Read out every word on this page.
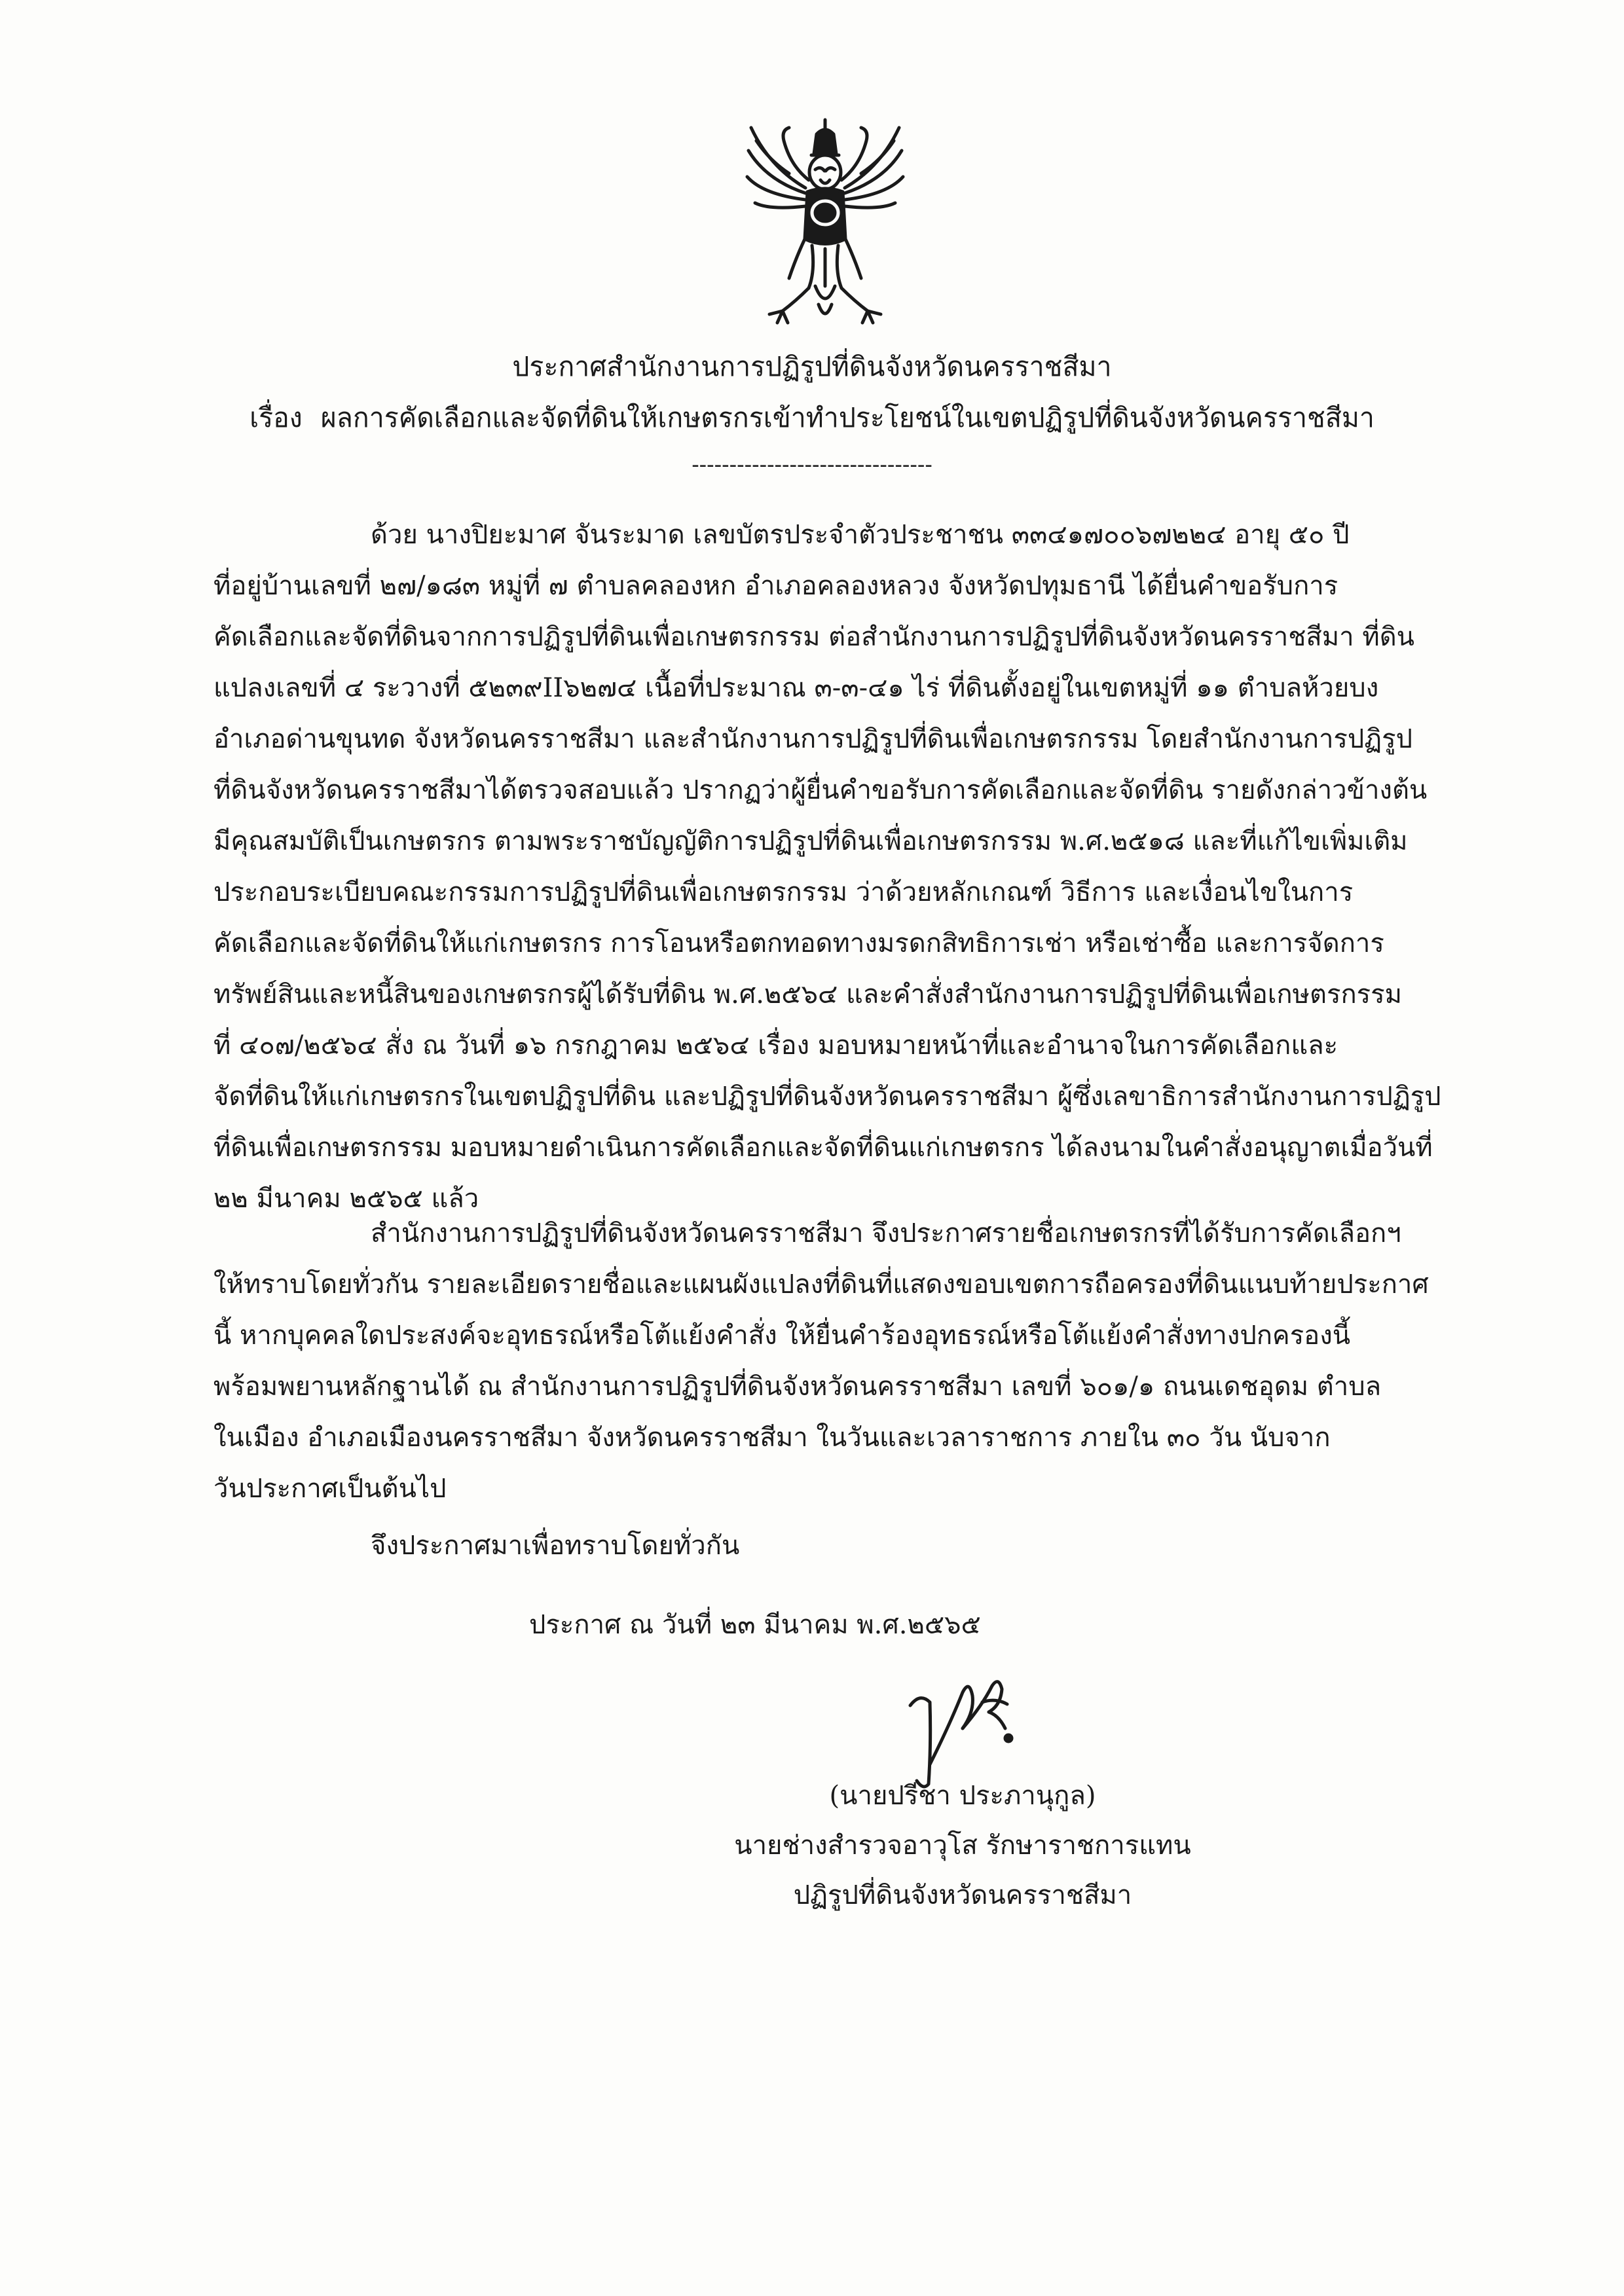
ประกาศสำนักงานการปฏิรูปที่ดินจังหวัดนครราชสีมา
เรื่อง ผลการคัดเลือกและจัดที่ดินให้เกษตรกรเข้าทำประโยชน์ในเขตปฏิรูปที่ดินจังหวัดนครราชสีมา
--------------------------------
ด้วย นางปิยะมาศ จันระมาด เลขบัตรประจำตัวประชาชน ๓๓๔๑๗๐๐๖๗๒๒๔ อายุ ๕๐ ปี
ที่อยู่บ้านเลขที่ ๒๗/๑๘๓ หมู่ที่ ๗ ตำบลคลองหก อำเภอคลองหลวง จังหวัดปทุมธานี ได้ยื่นคำขอรับการ
คัดเลือกและจัดที่ดินจากการปฏิรูปที่ดินเพื่อเกษตรกรรม ต่อสำนักงานการปฏิรูปที่ดินจังหวัดนครราชสีมา ที่ดิน
แปลงเลขที่ ๔ ระวางที่ ๕๒๓๙II๖๒๗๔ เนื้อที่ประมาณ ๓-๓-๔๑ ไร่ ที่ดินตั้งอยู่ในเขตหมู่ที่ ๑๑ ตำบลห้วยบง
อำเภอด่านขุนทด จังหวัดนครราชสีมา และสำนักงานการปฏิรูปที่ดินเพื่อเกษตรกรรม โดยสำนักงานการปฏิรูป
ที่ดินจังหวัดนครราชสีมาได้ตรวจสอบแล้ว ปรากฏว่าผู้ยื่นคำขอรับการคัดเลือกและจัดที่ดิน รายดังกล่าวข้างต้น
มีคุณสมบัติเป็นเกษตรกร ตามพระราชบัญญัติการปฏิรูปที่ดินเพื่อเกษตรกรรม พ.ศ.๒๕๑๘ และที่แก้ไขเพิ่มเติม
ประกอบระเบียบคณะกรรมการปฏิรูปที่ดินเพื่อเกษตรกรรม ว่าด้วยหลักเกณฑ์ วิธีการ และเงื่อนไขในการ
คัดเลือกและจัดที่ดินให้แก่เกษตรกร การโอนหรือตกทอดทางมรดกสิทธิการเช่า หรือเช่าซื้อ และการจัดการ
ทรัพย์สินและหนี้สินของเกษตรกรผู้ได้รับที่ดิน พ.ศ.๒๕๖๔ และคำสั่งสำนักงานการปฏิรูปที่ดินเพื่อเกษตรกรรม
ที่ ๔๐๗/๒๕๖๔ สั่ง ณ วันที่ ๑๖ กรกฎาคม ๒๕๖๔ เรื่อง มอบหมายหน้าที่และอำนาจในการคัดเลือกและ
จัดที่ดินให้แก่เกษตรกรในเขตปฏิรูปที่ดิน และปฏิรูปที่ดินจังหวัดนครราชสีมา ผู้ซึ่งเลขาธิการสำนักงานการปฏิรูป
ที่ดินเพื่อเกษตรกรรม มอบหมายดำเนินการคัดเลือกและจัดที่ดินแก่เกษตรกร ได้ลงนามในคำสั่งอนุญาตเมื่อวันที่
๒๒ มีนาคม ๒๕๖๕ แล้ว
สำนักงานการปฏิรูปที่ดินจังหวัดนครราชสีมา จึงประกาศรายชื่อเกษตรกรที่ได้รับการคัดเลือกฯ
ให้ทราบโดยทั่วกัน รายละเอียดรายชื่อและแผนผังแปลงที่ดินที่แสดงขอบเขตการถือครองที่ดินแนบท้ายประกาศ
นี้ หากบุคคลใดประสงค์จะอุทธรณ์หรือโต้แย้งคำสั่ง ให้ยื่นคำร้องอุทธรณ์หรือโต้แย้งคำสั่งทางปกครองนี้
พร้อมพยานหลักฐานได้ ณ สำนักงานการปฏิรูปที่ดินจังหวัดนครราชสีมา เลขที่ ๖๐๑/๑ ถนนเดชอุดม ตำบล
ในเมือง อำเภอเมืองนครราชสีมา จังหวัดนครราชสีมา ในวันและเวลาราชการ ภายใน ๓๐ วัน นับจาก
วันประกาศเป็นต้นไป
จึงประกาศมาเพื่อทราบโดยทั่วกัน
ประกาศ ณ วันที่ ๒๓ มีนาคม พ.ศ.๒๕๖๕
(นายปรีชา ประภานุกูล)
นายช่างสำรวจอาวุโส รักษาราชการแทน
ปฏิรูปที่ดินจังหวัดนครราชสีมา
